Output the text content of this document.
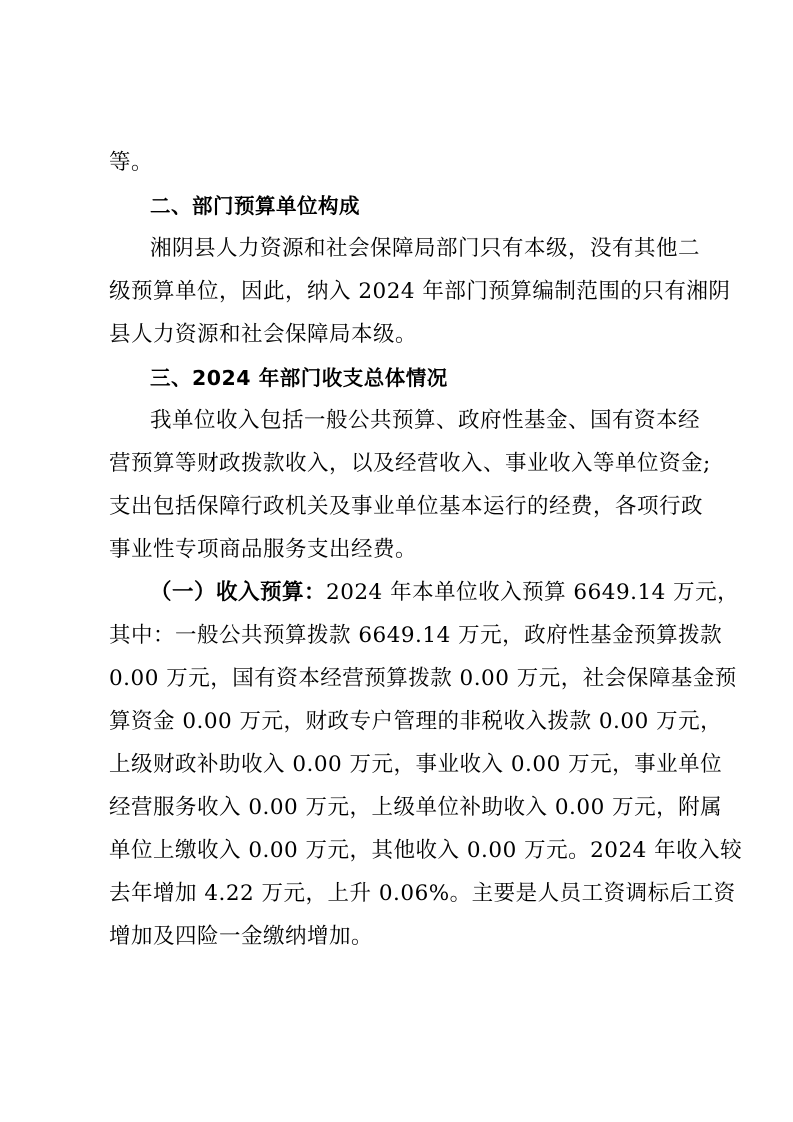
等。
二、部门预算单位构成
湘阴县人力资源和社会保障局部门只有本级，没有其他二
级预算单位，因此，纳入 2024 年部门预算编制范围的只有湘阴
县人力资源和社会保障局本级。
三、2024 年部门收支总体情况
我单位收入包括一般公共预算、政府性基金、国有资本经
营预算等财政拨款收入，以及经营收入、事业收入等单位资金;
支出包括保障行政机关及事业单位基本运行的经费，各项行政
事业性专项商品服务支出经费。
（一）收入预算：2024 年本单位收入预算 6649.14 万元，
其中：一般公共预算拨款 6649.14 万元，政府性基金预算拨款
0.00 万元，国有资本经营预算拨款 0.00 万元，社会保障基金预
算资金 0.00 万元，财政专户管理的非税收入拨款 0.00 万元，
上级财政补助收入 0.00 万元，事业收入 0.00 万元，事业单位
经营服务收入 0.00 万元，上级单位补助收入 0.00 万元，附属
单位上缴收入 0.00 万元，其他收入 0.00 万元。2024 年收入较
去年增加 4.22 万元，上升 0.06%。主要是人员工资调标后工资
增加及四险一金缴纳增加。
